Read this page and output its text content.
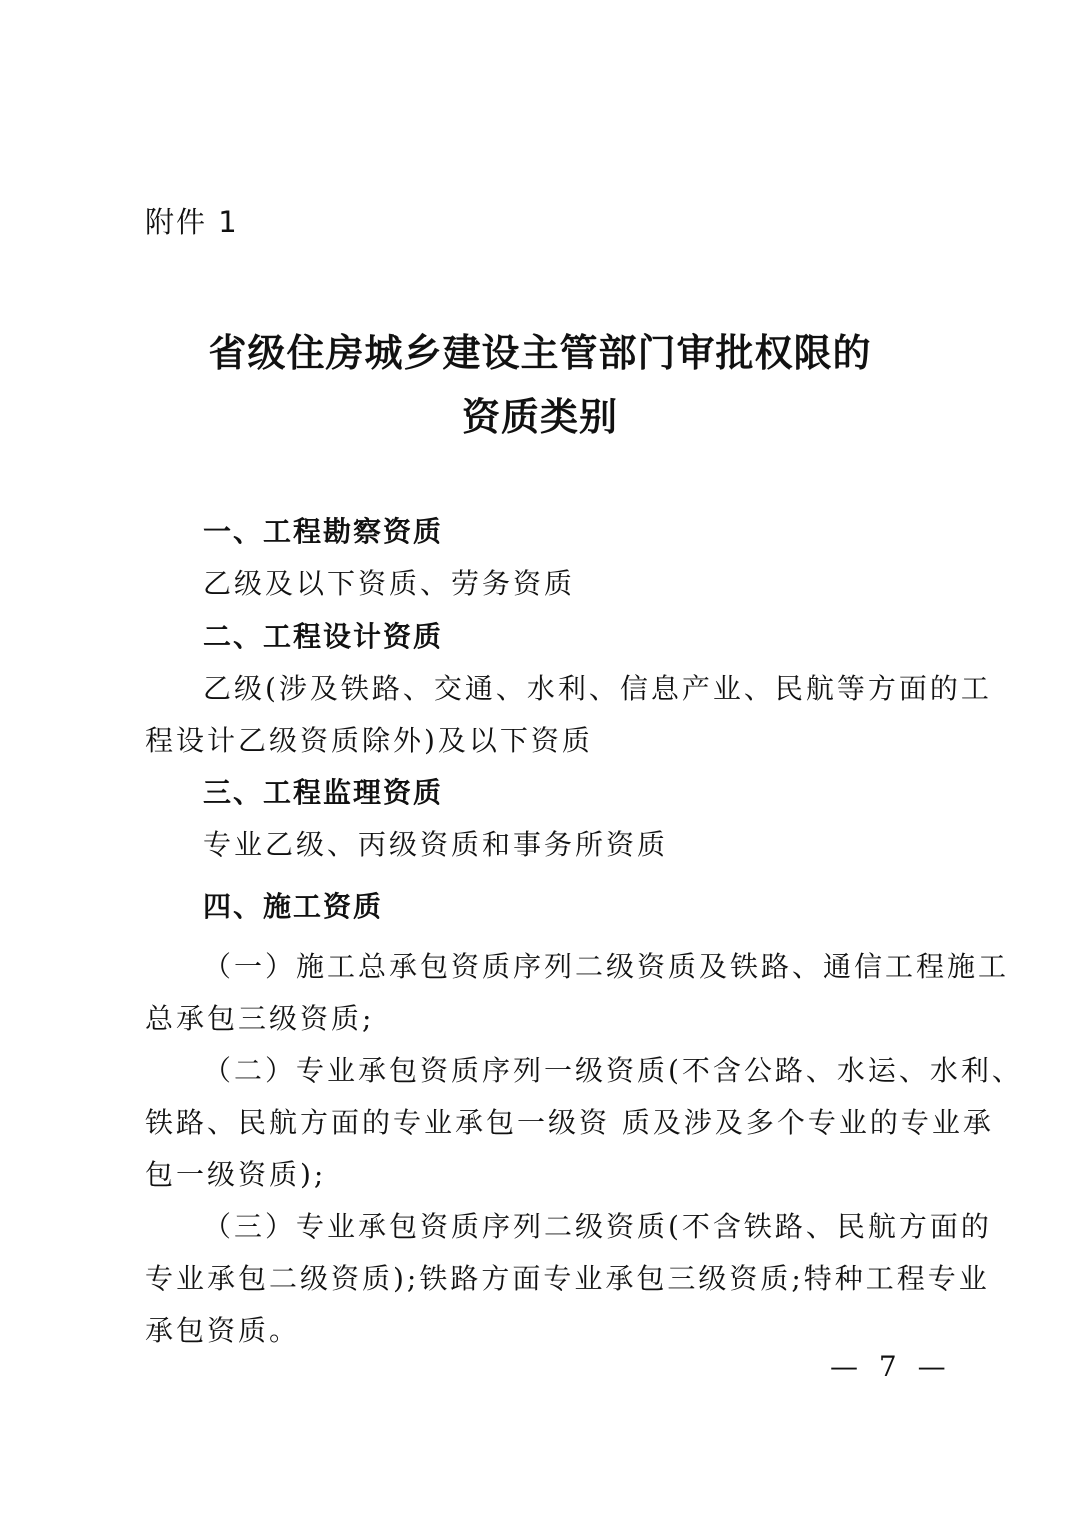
附件 1
省级住房城乡建设主管部门审批权限的
资质类别
一、工程勘察资质
乙级及以下资质、劳务资质
二、工程设计资质
乙级(涉及铁路、交通、水利、信息产业、民航等方面的工
程设计乙级资质除外)及以下资质
三、工程监理资质
专业乙级、丙级资质和事务所资质
四、施工资质
（一）施工总承包资质序列二级资质及铁路、通信工程施工
总承包三级资质;
（二）专业承包资质序列一级资质(不含公路、水运、水利、
铁路、民航方面的专业承包一级资 质及涉及多个专业的专业承
包一级资质);
（三）专业承包资质序列二级资质(不含铁路、民航方面的
专业承包二级资质);铁路方面专业承包三级资质;特种工程专业
承包资质。
— 7 —
